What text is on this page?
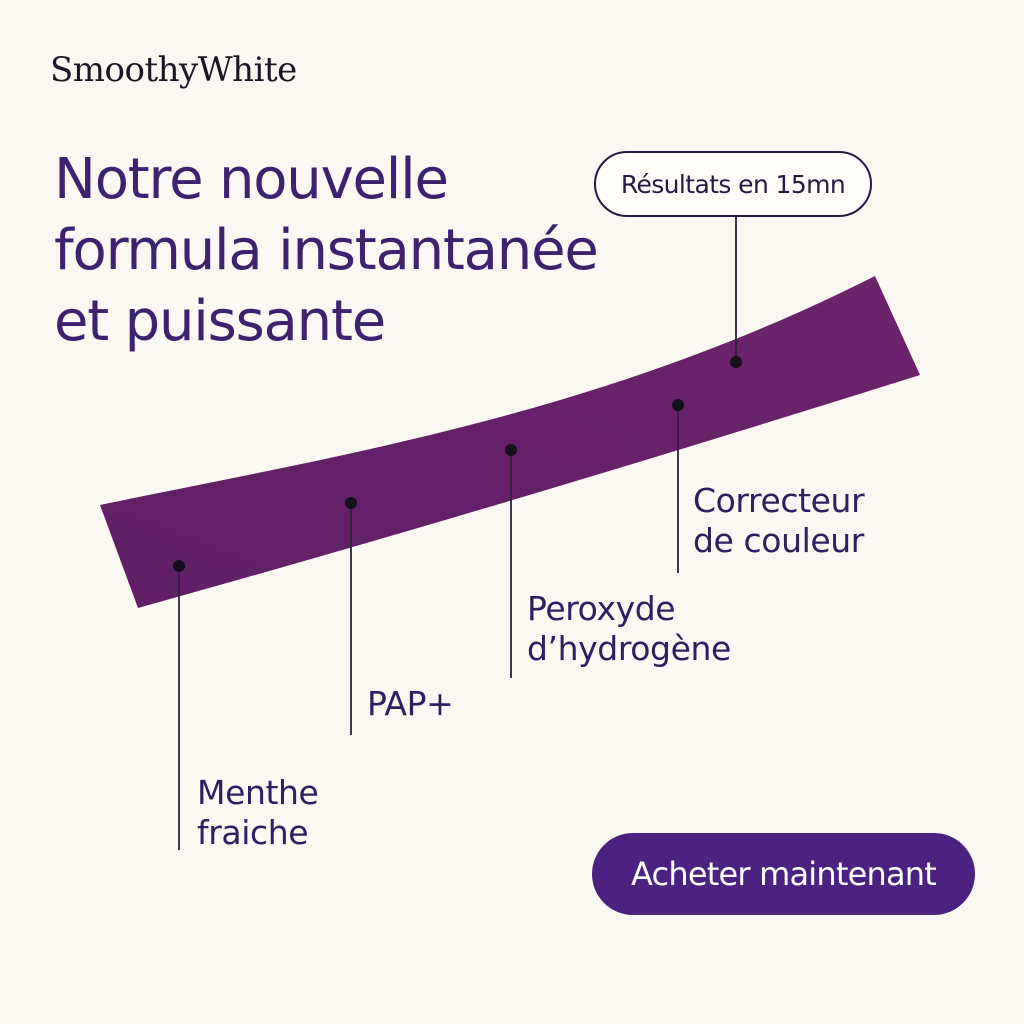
SmoothyWhite
Notre nouvelle
formula instantanée
et puissante
Résultats en 15mn
Menthe
fraiche
PAP+
Peroxyde
d’hydrogène
Correcteur
de couleur
Acheter maintenant
